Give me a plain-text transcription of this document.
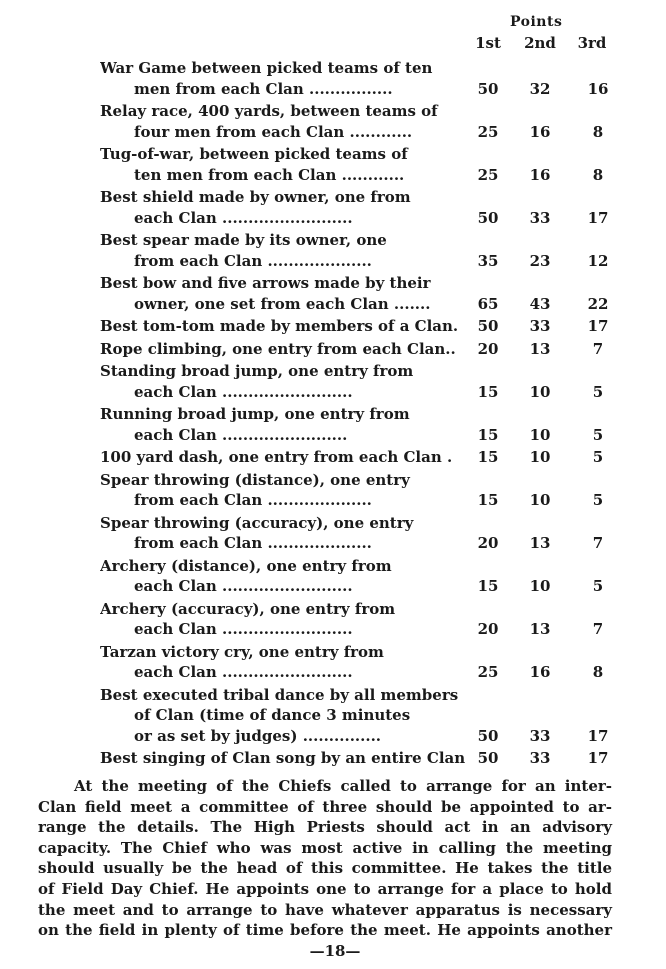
Points
1st	2nd	3rd
War Game between picked teams of ten
men from each Clan ................	50	32	16
Relay race, 400 yards, between teams of
four men from each Clan ............	25	16	8
Tug-of-war, between picked teams of
ten men from each Clan ............	25	16	8
Best shield made by owner, one from
each Clan .........................	50	33	17
Best spear made by its owner, one
from each Clan ....................	35	23	12
Best bow and five arrows made by their
owner, one set from each Clan .......	65	43	22
Best tom-tom made by members of a Clan.	50	33	17
Rope climbing, one entry from each Clan..	20	13	7
Standing broad jump, one entry from
each Clan .........................	15	10	5
Running broad jump, one entry from
each Clan ........................	15	10	5
100 yard dash, one entry from each Clan .	15	10	5
Spear throwing (distance), one entry
from each Clan ....................	15	10	5
Spear throwing (accuracy), one entry
from each Clan ....................	20	13	7
Archery (distance), one entry from
each Clan .........................	15	10	5
Archery (accuracy), one entry from
each Clan .........................	20	13	7
Tarzan victory cry, one entry from
each Clan .........................	25	16	8
Best executed tribal dance by all members
of Clan (time of dance 3 minutes
or as set by judges) ...............	50	33	17
Best singing of Clan song by an entire Clan 50	33	17
At the meeting of the Chiefs called to arrange for an inter-
Clan field meet a committee of three should be appointed to ar-
range the details. The High Priests should act in an advisory
capacity. The Chief who was most active in calling the meeting
should usually be the head of this committee. He takes the title
of Field Day Chief. He appoints one to arrange for a place to hold
the meet and to arrange to have whatever apparatus is necessary
on the field in plenty of time before the meet. He appoints another
—18—
